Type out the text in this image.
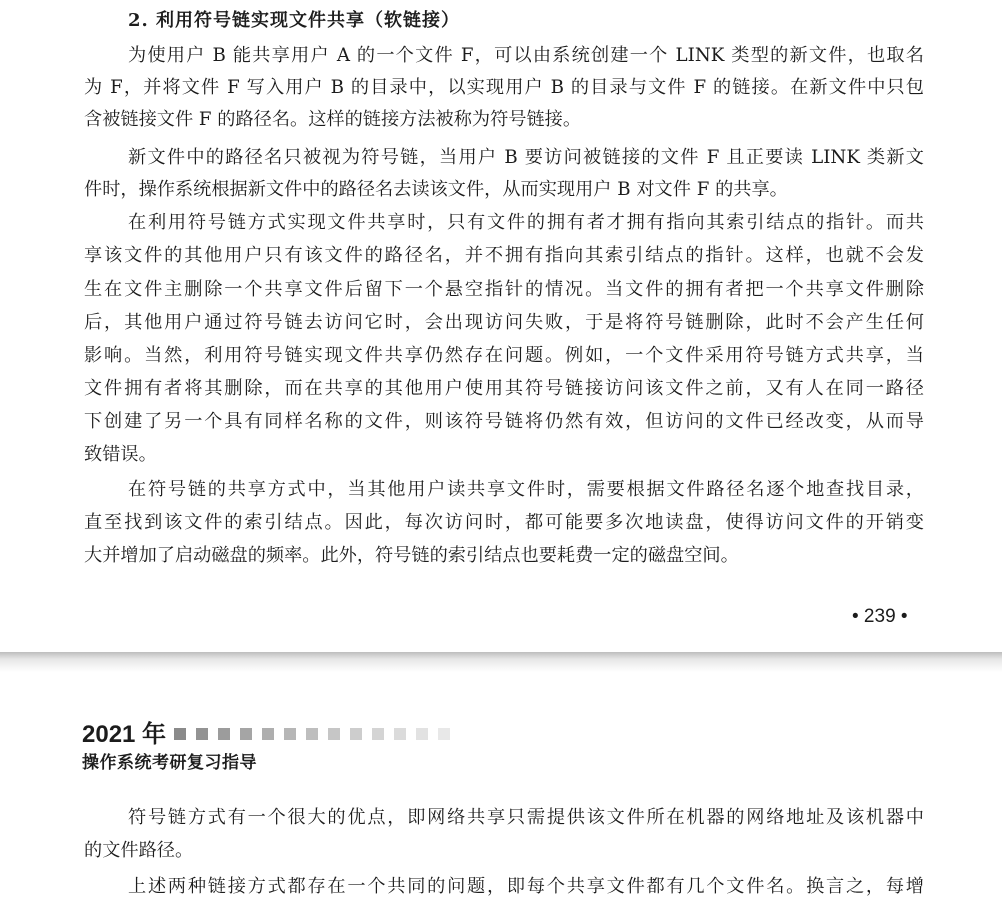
2. 利用符号链实现文件共享（软链接）
为使用户 B 能共享用户 A 的一个文件 F，可以由系统创建一个 LINK 类型的新文件，也取名
为 F，并将文件 F 写入用户 B 的目录中，以实现用户 B 的目录与文件 F 的链接。在新文件中只包
含被链接文件 F 的路径名。这样的链接方法被称为符号链接。
新文件中的路径名只被视为符号链，当用户 B 要访问被链接的文件 F 且正要读 LINK 类新文
件时，操作系统根据新文件中的路径名去读该文件，从而实现用户 B 对文件 F 的共享。
在利用符号链方式实现文件共享时，只有文件的拥有者才拥有指向其索引结点的指针。而共
享该文件的其他用户只有该文件的路径名，并不拥有指向其索引结点的指针。这样，也就不会发
生在文件主删除一个共享文件后留下一个悬空指针的情况。当文件的拥有者把一个共享文件删除
后，其他用户通过符号链去访问它时，会出现访问失败，于是将符号链删除，此时不会产生任何
影响。当然，利用符号链实现文件共享仍然存在问题。例如，一个文件采用符号链方式共享，当
文件拥有者将其删除，而在共享的其他用户使用其符号链接访问该文件之前，又有人在同一路径
下创建了另一个具有同样名称的文件，则该符号链将仍然有效，但访问的文件已经改变，从而导
致错误。
在符号链的共享方式中，当其他用户读共享文件时，需要根据文件路径名逐个地查找目录，
直至找到该文件的索引结点。因此，每次访问时，都可能要多次地读盘，使得访问文件的开销变
大并增加了启动磁盘的频率。此外，符号链的索引结点也要耗费一定的磁盘空间。
• 239 •
2021 年
操作系统考研复习指导
符号链方式有一个很大的优点，即网络共享只需提供该文件所在机器的网络地址及该机器中
的文件路径。
上述两种链接方式都存在一个共同的问题，即每个共享文件都有几个文件名。换言之，每增
